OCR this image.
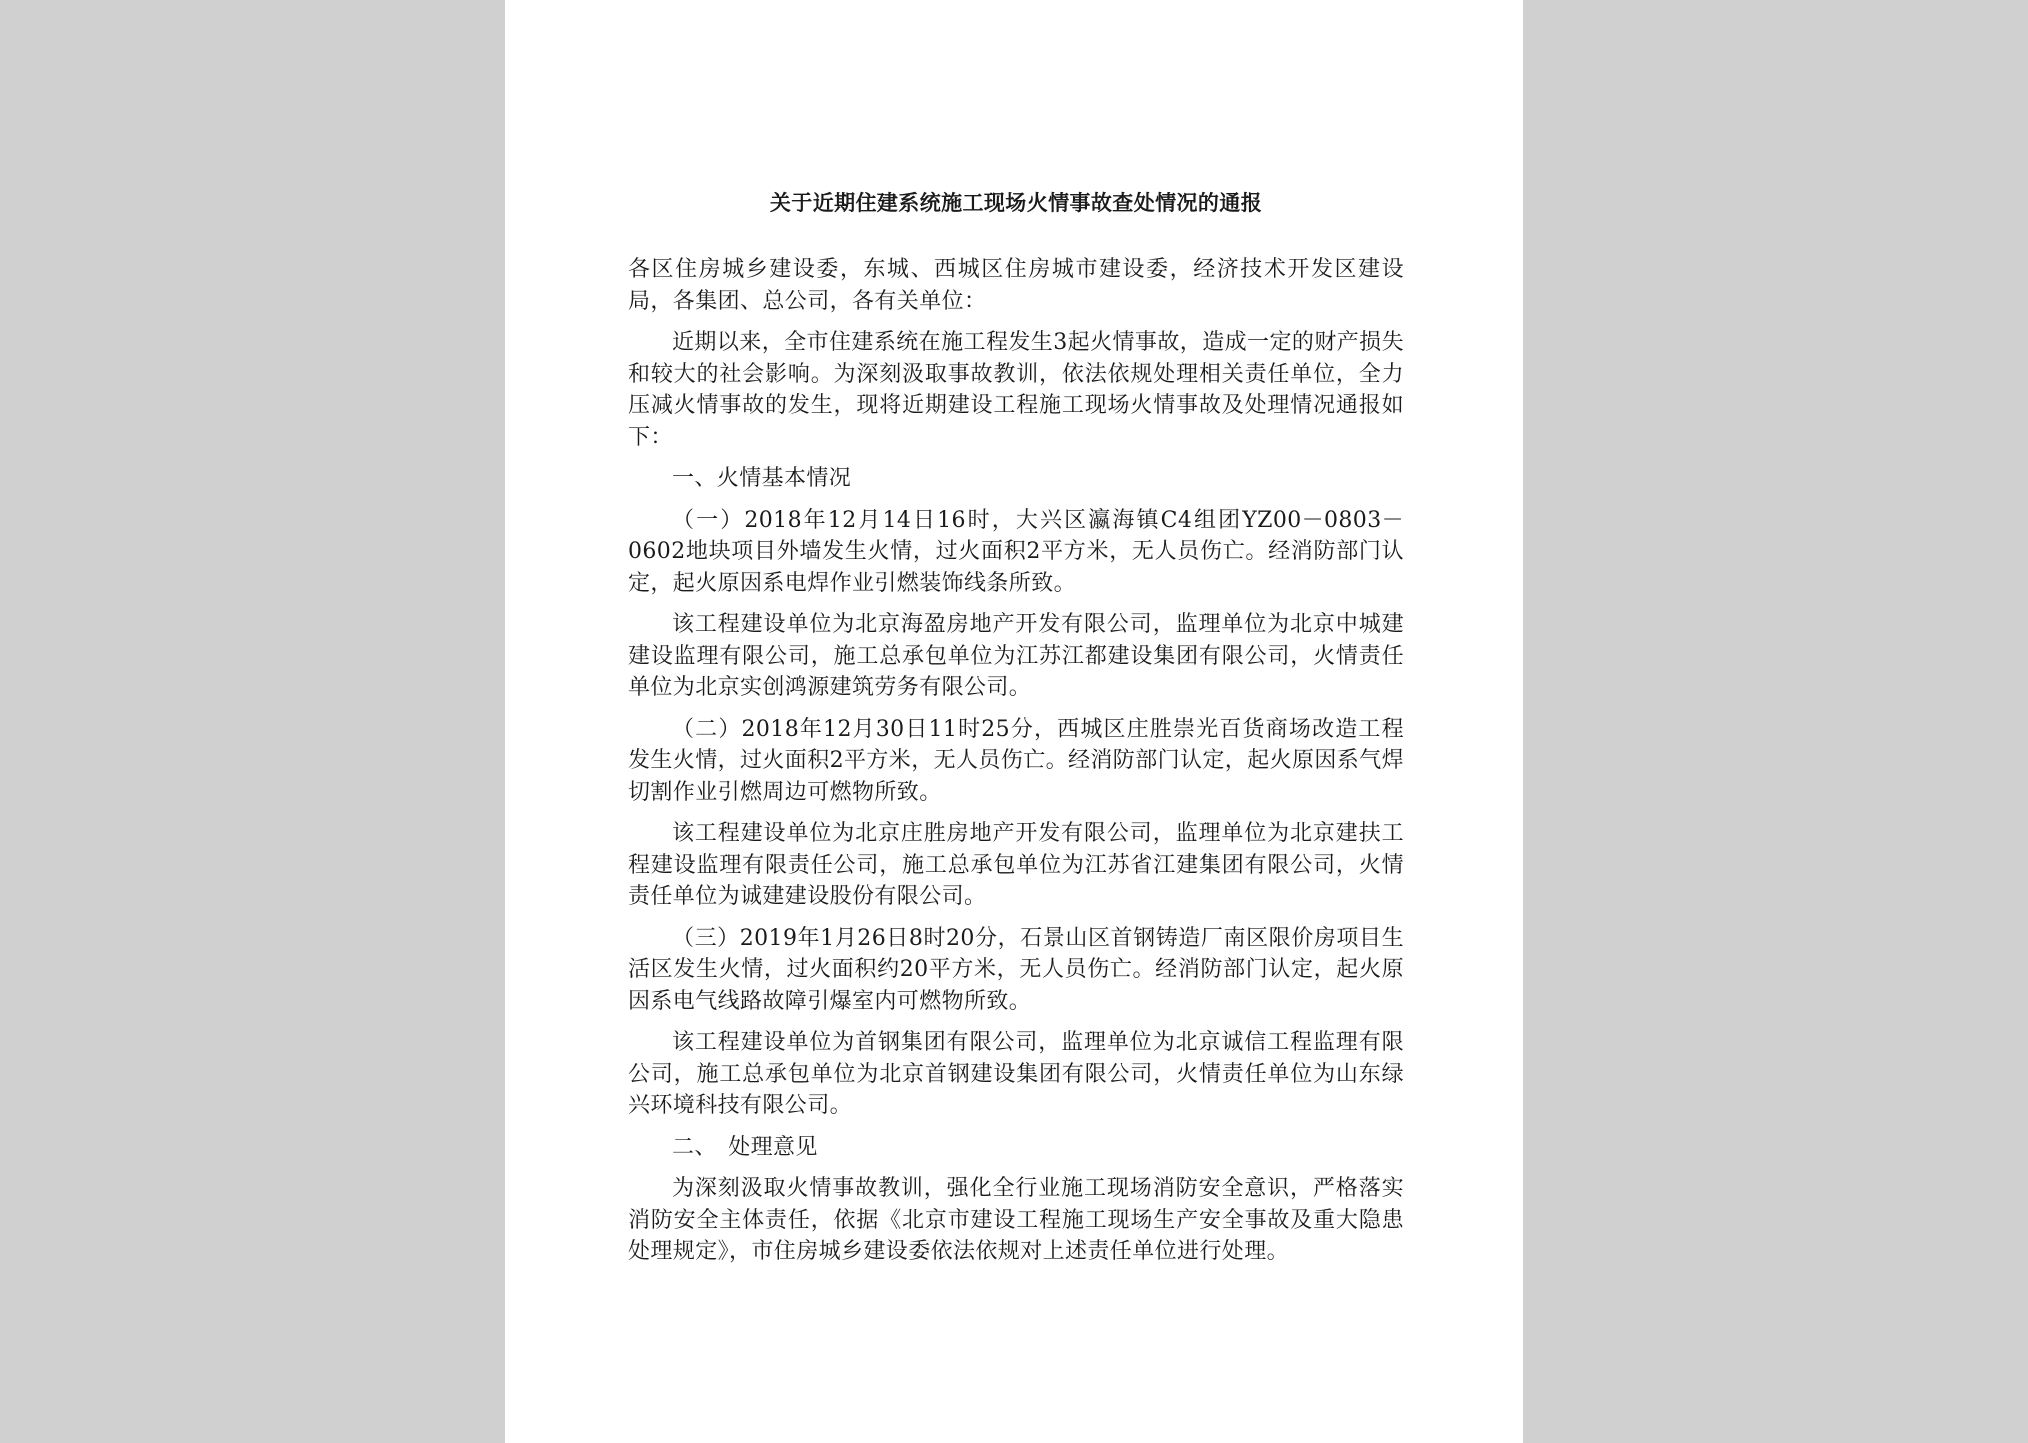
关于近期住建系统施工现场火情事故查处情况的通报

各区住房城乡建设委，东城、西城区住房城市建设委，经济技术开发区建设局，各集团、总公司，各有关单位：

近期以来，全市住建系统在施工程发生3起火情事故，造成一定的财产损失和较大的社会影响。为深刻汲取事故教训，依法依规处理相关责任单位，全力压减火情事故的发生，现将近期建设工程施工现场火情事故及处理情况通报如下：

一、火情基本情况

（一）2018年12月14日16时，大兴区瀛海镇C4组团YZ00－0803－0602地块项目外墙发生火情，过火面积2平方米，无人员伤亡。经消防部门认定，起火原因系电焊作业引燃装饰线条所致。

该工程建设单位为北京海盈房地产开发有限公司，监理单位为北京中城建建设监理有限公司，施工总承包单位为江苏江都建设集团有限公司，火情责任单位为北京实创鸿源建筑劳务有限公司。

（二）2018年12月30日11时25分，西城区庄胜崇光百货商场改造工程发生火情，过火面积2平方米，无人员伤亡。经消防部门认定，起火原因系气焊切割作业引燃周边可燃物所致。

该工程建设单位为北京庄胜房地产开发有限公司，监理单位为北京建扶工程建设监理有限责任公司，施工总承包单位为江苏省江建集团有限公司，火情责任单位为诚建建设股份有限公司。

（三）2019年1月26日8时20分，石景山区首钢铸造厂南区限价房项目生活区发生火情，过火面积约20平方米，无人员伤亡。经消防部门认定，起火原因系电气线路故障引爆室内可燃物所致。

该工程建设单位为首钢集团有限公司，监理单位为北京诚信工程监理有限公司，施工总承包单位为北京首钢建设集团有限公司，火情责任单位为山东绿兴环境科技有限公司。

二、　处理意见

为深刻汲取火情事故教训，强化全行业施工现场消防安全意识，严格落实消防安全主体责任，依据《北京市建设工程施工现场生产安全事故及重大隐患处理规定》，市住房城乡建设委依法依规对上述责任单位进行处理。
